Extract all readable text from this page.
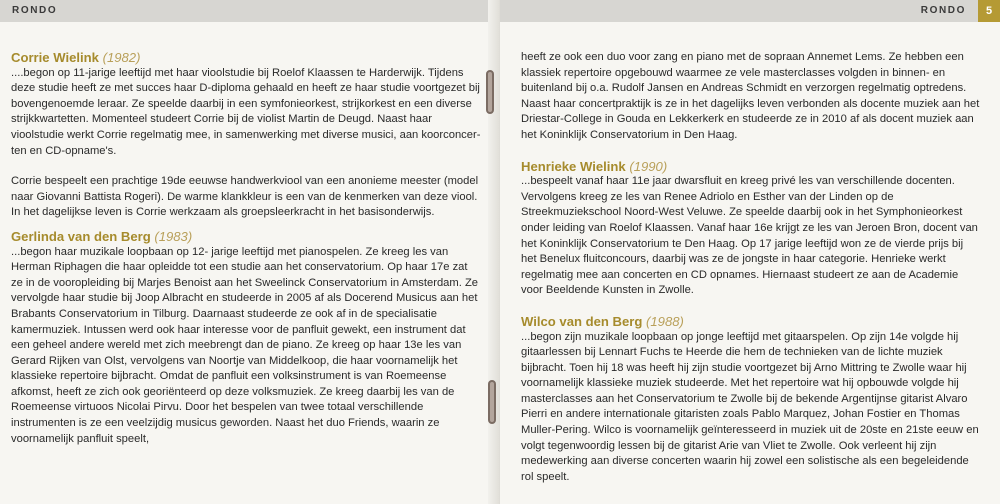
RONDO
Corrie Wielink (1982)

....begon op 11-jarige leeftijd met haar vioolstudie bij Roelof Klaassen te Harderwijk. Tijdens deze studie heeft ze met succes haar D-diploma gehaald en heeft ze haar studie voortgezet bij bovengenoemde leraar. Ze speelde daarbij in een symfonieorkest, strijkorkest en een diverse strijkkwartetten. Momenteel studeert Corrie bij de violist Martin de Deugd. Naast haar vioolstudie werkt Corrie regelmatig mee, in samenwerking met diverse musici, aan koorconcerten en CD-opname's.

Corrie bespeelt een prachtige 19de eeuwse handwerkviool van een anonieme meester (model naar Giovanni Battista Rogeri). De warme klankkleur is een van de kenmerken van deze viool. In het dagelijkse leven is Corrie werkzaam als groepsleerkracht in het basisonderwijs.

Gerlinda van den Berg (1983)

...begon haar muzikale loopbaan op 12- jarige leeftijd met pianospelen. Ze kreeg les van Herman Riphagen die haar opleidde tot een studie aan het conservatorium. Op haar 17e zat ze in de vooropleiding bij Marjes Benoist aan het Sweelinck Conservatorium in Amsterdam. Ze vervolgde haar studie bij Joop Albracht en studeerde in 2005 af als Docerend Musicus aan het Brabants Conservatorium in Tilburg. Daarnaast studeerde ze ook af in de specialisatie kamermuziek. Intussen werd ook haar interesse voor de panfluit gewekt, een instrument dat een geheel andere wereld met zich meebrengt dan de piano. Ze kreeg op haar 13e les van Gerard Rijken van Olst, vervolgens van Noortje van Middelkoop, die haar voornamelijk het klassieke repertoire bijbracht. Omdat de panfluit een volksinstrument is van Roemeense afkomst, heeft ze zich ook georiënteerd op deze volksmuziek. Ze kreeg daarbij les van de Roemeense virtuoos Nicolai Pirvu. Door het bespelen van twee totaal verschillende instrumenten is ze een veelzijdig musicus geworden. Naast het duo Friends, waarin ze voornamelijk panfluit speelt,

RONDO	5

heeft ze ook een duo voor zang en piano met de sopraan Annemet Lems. Ze hebben een klassiek repertoire opgebouwd waarmee ze vele masterclasses volgden in binnen- en buitenland bij o.a. Rudolf Jansen en Andreas Schmidt en verzorgen regelmatig optredens. Naast haar concertpraktijk is ze in het dagelijks leven verbonden als docente muziek aan het Driestar-College in Gouda en Lekkerkerk en studeerde ze in 2010 af als docent muziek aan het Koninklijk Conservatorium in Den Haag.

Henrieke Wielink (1990)

...bespeelt vanaf haar 11e jaar dwarsfluit en kreeg privé les van verschillende docenten. Vervolgens kreeg ze les van Renee Adriolo en Esther van der Linden op de Streekmuziekschool Noord-West Veluwe. Ze speelde daarbij ook in het Symphonieorkest onder leiding van Roelof Klaassen. Vanaf haar 16e krijgt ze les van Jeroen Bron, docent van het Koninklijk Conservatorium te Den Haag. Op 17 jarige leeftijd won ze de vierde prijs bij het Benelux fluitconcours, daarbij was ze de jongste in haar categorie. Henrieke werkt regelmatig mee aan concerten en CD opnames. Hiernaast studeert ze aan de Academie voor Beeldende Kunsten in Zwolle.

Wilco van den Berg (1988)

...begon zijn muzikale loopbaan op jonge leeftijd met gitaarspelen. Op zijn 14e volgde hij gitaarlessen bij Lennart Fuchs te Heerde die hem de technieken van de lichte muziek bijbracht. Toen hij 18 was heeft hij zijn studie voortgezet bij Arno Mittring te Zwolle waar hij voornamelijk klassieke muziek studeerde. Met het repertoire wat hij opbouwde volgde hij masterclasses aan het Conservatorium te Zwolle bij de bekende Argentijnse gitarist Alvaro Pierri en andere internationale gitaristen zoals Pablo Marquez, Johan Fostier en Thomas Muller-Pering. Wilco is voornamelijk geïnteresseerd in muziek uit de 20ste en 21ste eeuw en volgt tegenwoordig lessen bij de gitarist Arie van Vliet te Zwolle. Ook verleent hij zijn medewerking aan diverse concerten waarin hij zowel een solistische als een begeleidende rol speelt.
